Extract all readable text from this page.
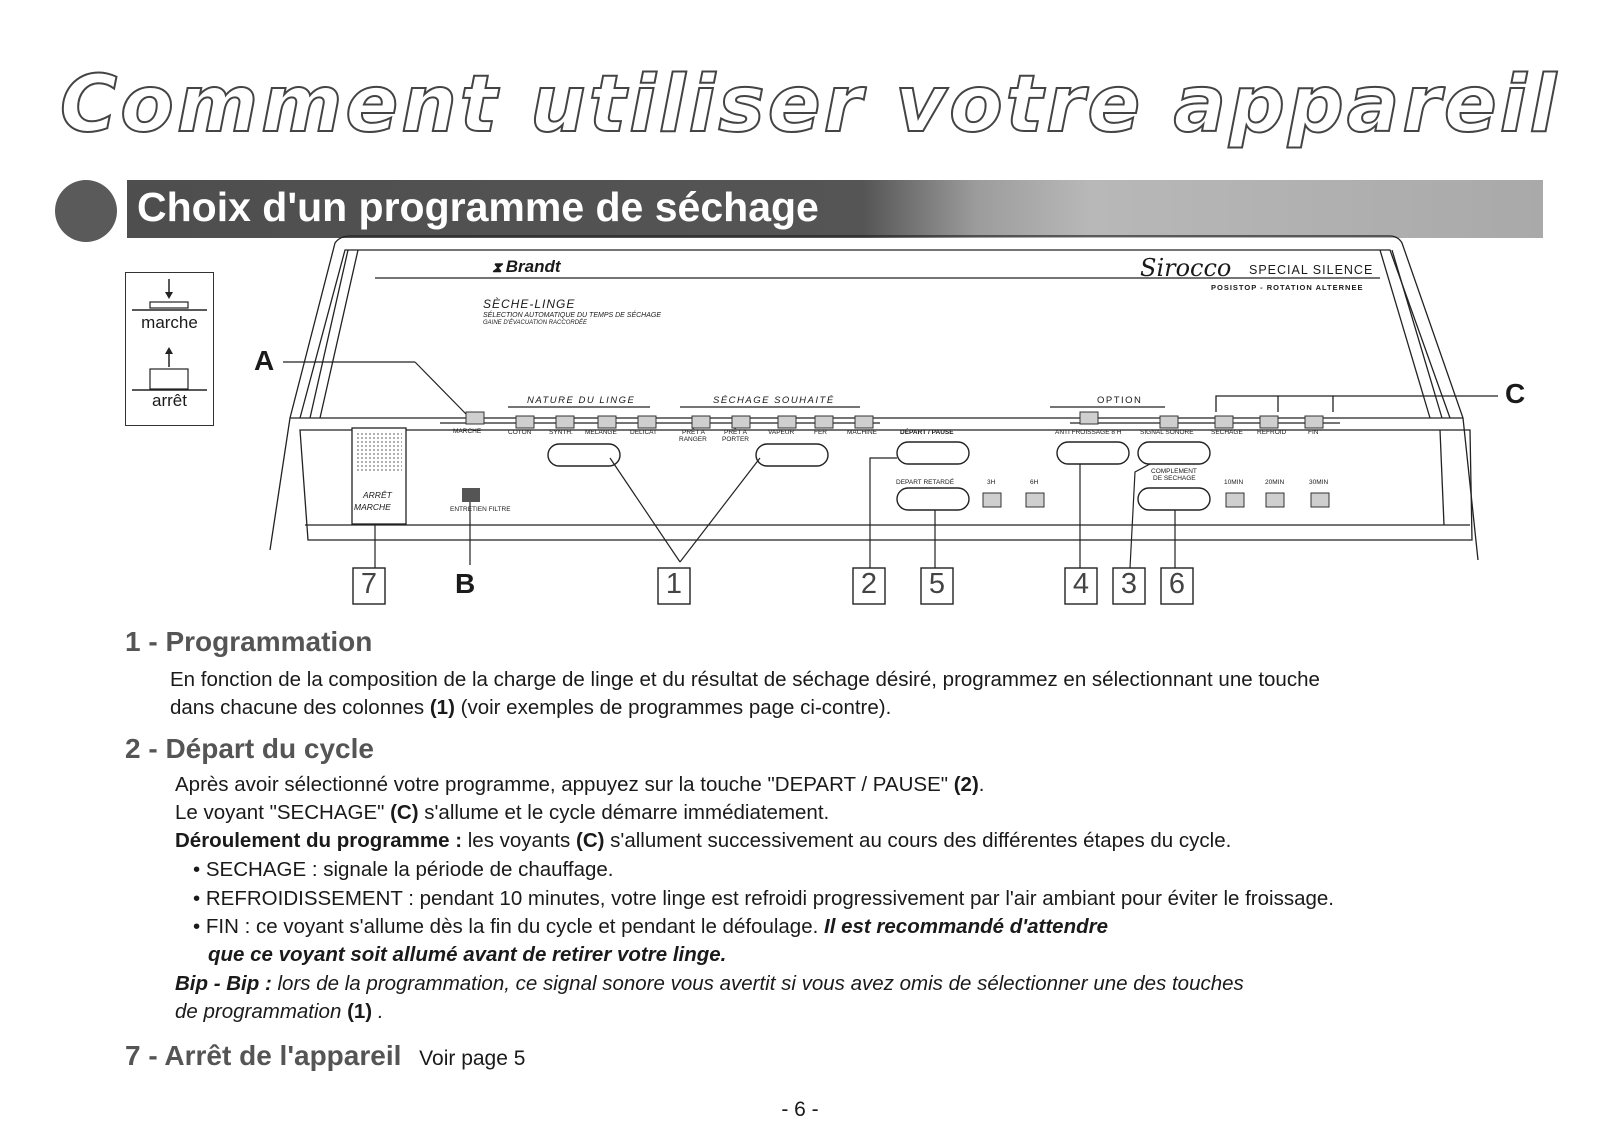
Comment utiliser votre appareil
Choix d'un programme de séchage
marche
arrêt
⧗ Brandt	Sirocco SPECIAL SILENCE
POSISTOP - ROTATION ALTERNEE
SÈCHE-LINGE
SÉLECTION AUTOMATIQUE DU TEMPS DE SÉCHAGE
GAINE D'ÉVACUATION RACCORDÉE
NATURE DU LINGE	SÉCHAGE SOUHAITÉ	OPTION
MARCHE	COTON	SYNTH. MELANGE DELICAT	PRÊT A
RANGER
PRÊT A
PORTER
VAPEUR	FER	MACHINE	DÉPART / PAUSE
DEPART RETARDÉ	3H	6H
ANTI FROISSAGE 8 H	SIGNAL SONORE	SECHAGE REFROID	FIN
COMPLEMENT
DE SECHAGE
10MIN	20MIN	30MIN
ARRÊT
MARCHE	ENTRETIEN FILTRE
A
C
B
7	1	2 5	4 3 6
1 - Programmation
En fonction de la composition de la charge de linge et du résultat de séchage désiré, programmez en sélectionnant une touche
dans chacune des colonnes (1) (voir exemples de programmes page ci-contre).
2 - Départ du cycle
Après avoir sélectionné votre programme, appuyez sur la touche "DEPART / PAUSE" (2).
Le voyant "SECHAGE" (C) s'allume et le cycle démarre immédiatement.
Déroulement du programme : les voyants (C) s'allument successivement au cours des différentes étapes du cycle.
• SECHAGE : signale la période de chauffage.
• REFROIDISSEMENT : pendant 10 minutes, votre linge est refroidi progressivement par l'air ambiant pour éviter le froissage.
• FIN : ce voyant s'allume dès la fin du cycle et pendant le défoulage. Il est recommandé d'attendre
que ce voyant soit allumé avant de retirer votre linge.
Bip - Bip : lors de la programmation, ce signal sonore vous avertit si vous avez omis de sélectionner une des touches
de programmation (1) .
7 - Arrêt de l'appareil Voir page 5
- 6 -
